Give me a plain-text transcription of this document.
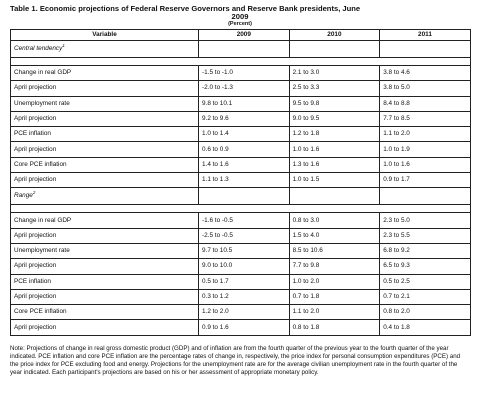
Table 1. Economic projections of Federal Reserve Governors and Reserve Bank presidents, June
2009
(Percent)
Variable	2009	2010	2011
Central tendency$^1$			

Change in real GDP	-1.5 to -1.0	2.1 to 3.0	3.8 to 4.6
April projection	-2.0 to -1.3	2.5 to 3.3	3.8 to 5.0
Unemployment rate	9.8 to 10.1	9.5 to 9.8	8.4 to 8.8
April projection	9.2 to 9.6	9.0 to 9.5	7.7 to 8.5
PCE inflation	1.0 to 1.4	1.2 to 1.8	1.1 to 2.0
April projection	0.6 to 0.9	1.0 to 1.6	1.0 to 1.9
Core PCE inflation	1.4 to 1.6	1.3 to 1.6	1.0 to 1.6
April projection	1.1 to 1.3	1.0 to 1.5	0.9 to 1.7
Range$^2$			

Change in real GDP	-1.6 to -0.5	0.8 to 3.0	2.3 to 5.0
April projection	-2.5 to -0.5	1.5 to 4.0	2.3 to 5.5
Unemployment rate	9.7 to 10.5	8.5 to 10.6	6.8 to 9.2
April projection	9.0 to 10.0	7.7 to 9.8	6.5 to 9.3
PCE inflation	0.5 to 1.7	1.0 to 2.0	0.5 to 2.5
April projection	0.3 to 1.2	0.7 to 1.8	0.7 to 2.1
Core PCE inflation	1.2 to 2.0	1.1 to 2.0	0.8 to 2.0
April projection	0.9 to 1.6	0.8 to 1.8	0.4 to 1.8
Note: Projections of change in real gross domestic product (GDP) and of inflation are from the fourth quarter of the previous year to the fourth quarter of the year indicated. PCE inflation and core PCE inflation are the percentage rates of change in, respectively, the price index for personal consumption expenditures (PCE) and the price index for PCE excluding food and energy. Projections for the unemployment rate are for the average civilian unemployment rate in the fourth quarter of the year indicated. Each participant's projections are based on his or her assessment of appropriate monetary policy.
